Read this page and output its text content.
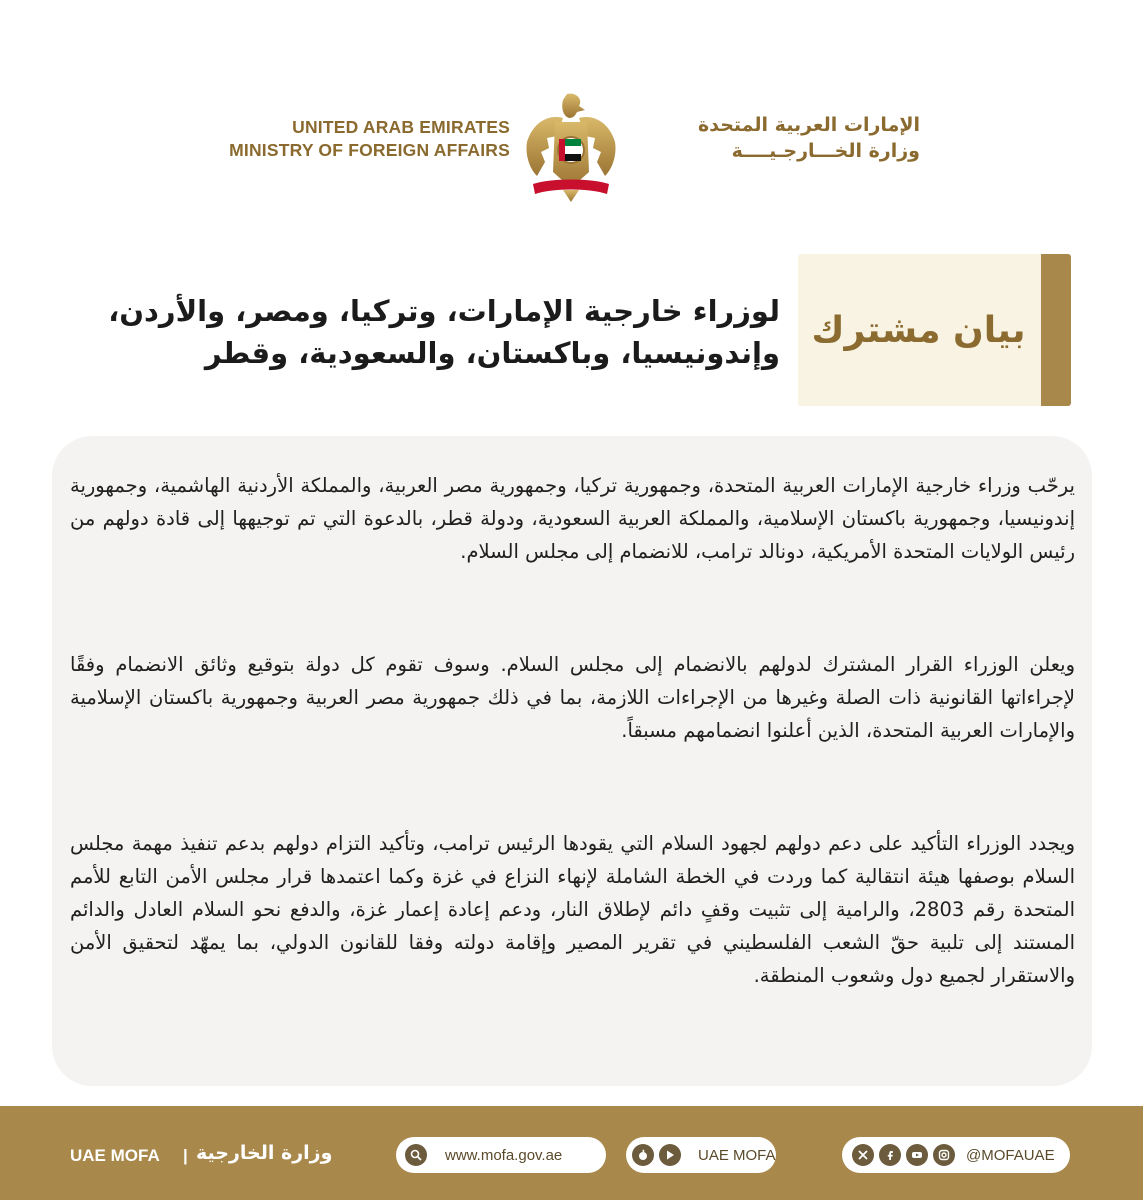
UNITED ARAB EMIRATES
MINISTRY OF FOREIGN AFFAIRS
الإمارات العربية المتحدة
وزارة الخـــارجـيــــة
بيان مشترك
لوزراء خارجية الإمارات، وتركيا، ومصر، والأردن،
وإندونيسيا، وباكستان، والسعودية، وقطر

يرحّب وزراء خارجية الإمارات العربية المتحدة، وجمهورية تركيا، وجمهورية مصر العربية، والمملكة الأردنية الهاشمية، وجمهورية إندونيسيا، وجمهورية باكستان الإسلامية، والمملكة العربية السعودية، ودولة قطر، بالدعوة التي تم توجيهها إلى قادة دولهم من رئيس الولايات المتحدة الأمريكية، دونالد ترامب، للانضمام إلى مجلس السلام.

ويعلن الوزراء القرار المشترك لدولهم بالانضمام إلى مجلس السلام. وسوف تقوم كل دولة بتوقيع وثائق الانضمام وفقًا لإجراءاتها القانونية ذات الصلة وغيرها من الإجراءات اللازمة، بما في ذلك جمهورية مصر العربية وجمهورية باكستان الإسلامية والإمارات العربية المتحدة، الذين أعلنوا انضمامهم مسبقاً.

ويجدد الوزراء التأكيد على دعم دولهم لجهود السلام التي يقودها الرئيس ترامب، وتأكيد التزام دولهم بدعم تنفيذ مهمة مجلس السلام بوصفها هيئة انتقالية كما وردت في الخطة الشاملة لإنهاء النزاع في غزة وكما اعتمدها قرار مجلس الأمن التابع للأمم المتحدة رقم 2803، والرامية إلى تثبيت وقفٍ دائم لإطلاق النار، ودعم إعادة إعمار غزة، والدفع نحو السلام العادل والدائم المستند إلى تلبية حقّ الشعب الفلسطيني في تقرير المصير وإقامة دولته وفقا للقانون الدولي، بما يمهّد لتحقيق الأمن والاستقرار لجميع دول وشعوب المنطقة.

UAE MOFA | وزارة الخارجية	www.mofa.gov.ae	UAE MOFA	@MOFAUAE
